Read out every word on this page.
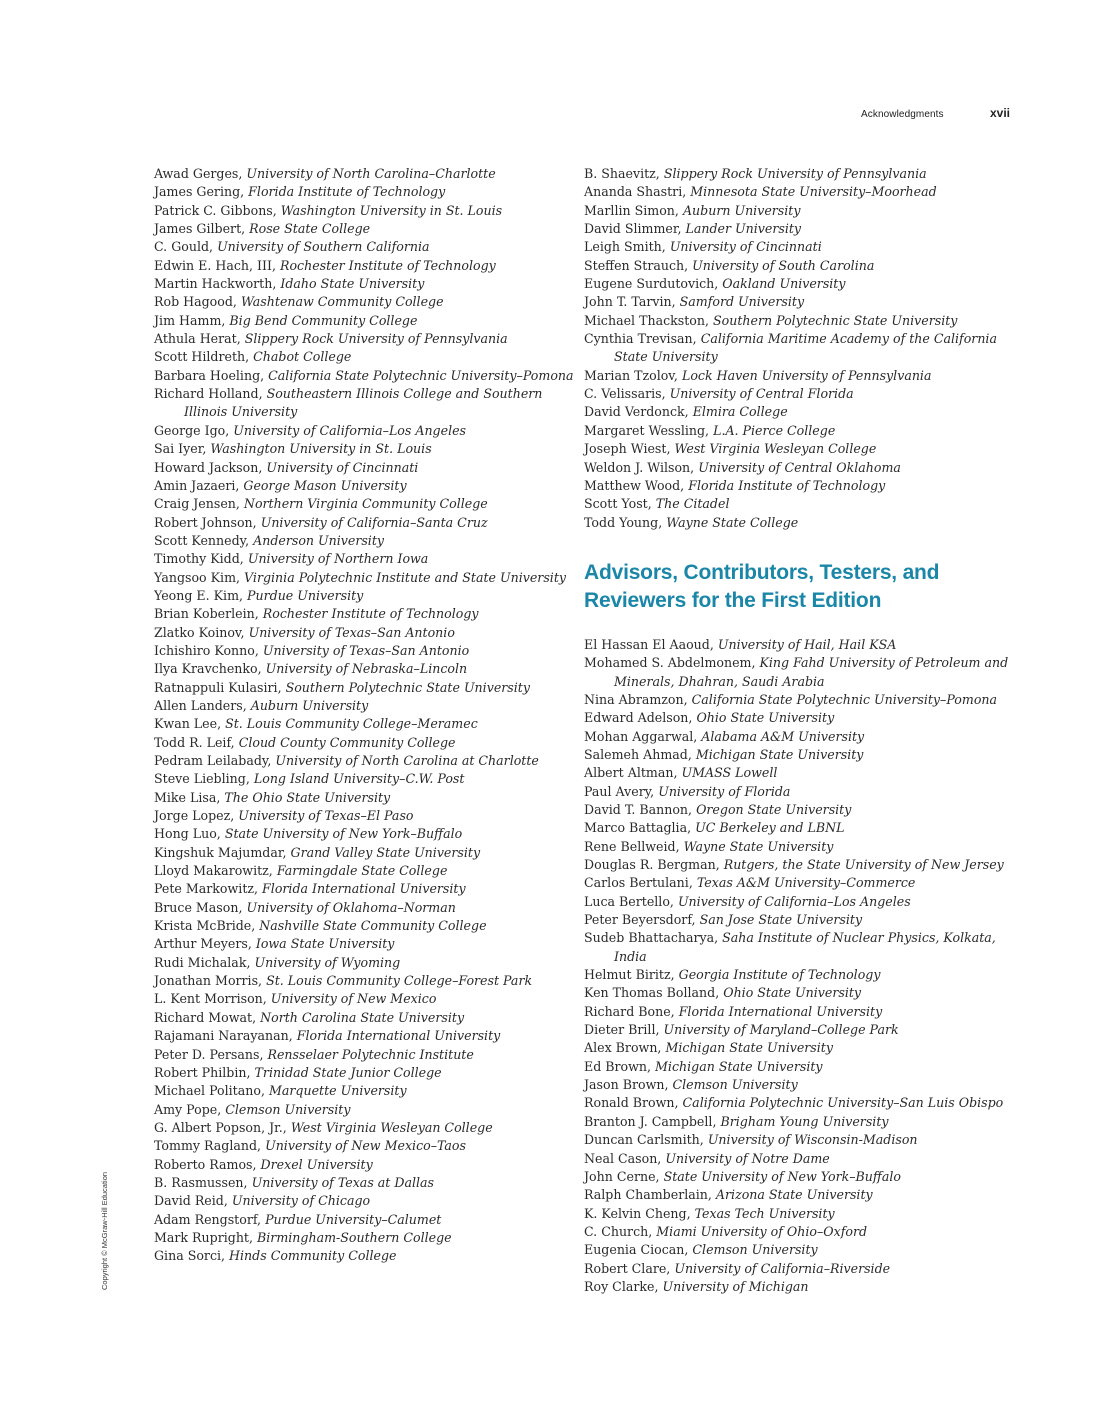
Acknowledgments	xvii
Awad Gerges, University of North Carolina–Charlotte
James Gering, Florida Institute of Technology
Patrick C. Gibbons, Washington University in St. Louis
James Gilbert, Rose State College
C. Gould, University of Southern California
Edwin E. Hach, III, Rochester Institute of Technology
Martin Hackworth, Idaho State University
Rob Hagood, Washtenaw Community College
Jim Hamm, Big Bend Community College
Athula Herat, Slippery Rock University of Pennsylvania
Scott Hildreth, Chabot College
Barbara Hoeling, California State Polytechnic University–Pomona
Richard Holland, Southeastern Illinois College and Southern Illinois University
George Igo, University of California–Los Angeles
Sai Iyer, Washington University in St. Louis
Howard Jackson, University of Cincinnati
Amin Jazaeri, George Mason University
Craig Jensen, Northern Virginia Community College
Robert Johnson, University of California–Santa Cruz
Scott Kennedy, Anderson University
Timothy Kidd, University of Northern Iowa
Yangsoo Kim, Virginia Polytechnic Institute and State University
Yeong E. Kim, Purdue University
Brian Koberlein, Rochester Institute of Technology
Zlatko Koinov, University of Texas–San Antonio
Ichishiro Konno, University of Texas–San Antonio
Ilya Kravchenko, University of Nebraska–Lincoln
Ratnappuli Kulasiri, Southern Polytechnic State University
Allen Landers, Auburn University
Kwan Lee, St. Louis Community College–Meramec
Todd R. Leif, Cloud County Community College
Pedram Leilabady, University of North Carolina at Charlotte
Steve Liebling, Long Island University–C.W. Post
Mike Lisa, The Ohio State University
Jorge Lopez, University of Texas–El Paso
Hong Luo, State University of New York–Buffalo
Kingshuk Majumdar, Grand Valley State University
Lloyd Makarowitz, Farmingdale State College
Pete Markowitz, Florida International University
Bruce Mason, University of Oklahoma–Norman
Krista McBride, Nashville State Community College
Arthur Meyers, Iowa State University
Rudi Michalak, University of Wyoming
Jonathan Morris, St. Louis Community College–Forest Park
L. Kent Morrison, University of New Mexico
Richard Mowat, North Carolina State University
Rajamani Narayanan, Florida International University
Peter D. Persans, Rensselaer Polytechnic Institute
Robert Philbin, Trinidad State Junior College
Michael Politano, Marquette University
Amy Pope, Clemson University
G. Albert Popson, Jr., West Virginia Wesleyan College
Tommy Ragland, University of New Mexico–Taos
Roberto Ramos, Drexel University
B. Rasmussen, University of Texas at Dallas
David Reid, University of Chicago
Adam Rengstorf, Purdue University–Calumet
Mark Rupright, Birmingham-Southern College
Gina Sorci, Hinds Community College
B. Shaevitz, Slippery Rock University of Pennsylvania
Ananda Shastri, Minnesota State University–Moorhead
Marllin Simon, Auburn University
David Slimmer, Lander University
Leigh Smith, University of Cincinnati
Steffen Strauch, University of South Carolina
Eugene Surdutovich, Oakland University
John T. Tarvin, Samford University
Michael Thackston, Southern Polytechnic State University
Cynthia Trevisan, California Maritime Academy of the California State University
Marian Tzolov, Lock Haven University of Pennsylvania
C. Velissaris, University of Central Florida
David Verdonck, Elmira College
Margaret Wessling, L.A. Pierce College
Joseph Wiest, West Virginia Wesleyan College
Weldon J. Wilson, University of Central Oklahoma
Matthew Wood, Florida Institute of Technology
Scott Yost, The Citadel
Todd Young, Wayne State College
Advisors, Contributors, Testers, and Reviewers for the First Edition
El Hassan El Aaoud, University of Hail, Hail KSA
Mohamed S. Abdelmonem, King Fahd University of Petroleum and Minerals, Dhahran, Saudi Arabia
Nina Abramzon, California State Polytechnic University–Pomona
Edward Adelson, Ohio State University
Mohan Aggarwal, Alabama A&M University
Salemeh Ahmad, Michigan State University
Albert Altman, UMASS Lowell
Paul Avery, University of Florida
David T. Bannon, Oregon State University
Marco Battaglia, UC Berkeley and LBNL
Rene Bellweid, Wayne State University
Douglas R. Bergman, Rutgers, the State University of New Jersey
Carlos Bertulani, Texas A&M University–Commerce
Luca Bertello, University of California–Los Angeles
Peter Beyersdorf, San Jose State University
Sudeb Bhattacharya, Saha Institute of Nuclear Physics, Kolkata, India
Helmut Biritz, Georgia Institute of Technology
Ken Thomas Bolland, Ohio State University
Richard Bone, Florida International University
Dieter Brill, University of Maryland–College Park
Alex Brown, Michigan State University
Ed Brown, Michigan State University
Jason Brown, Clemson University
Ronald Brown, California Polytechnic University–San Luis Obispo
Branton J. Campbell, Brigham Young University
Duncan Carlsmith, University of Wisconsin-Madison
Neal Cason, University of Notre Dame
John Cerne, State University of New York–Buffalo
Ralph Chamberlain, Arizona State University
K. Kelvin Cheng, Texas Tech University
C. Church, Miami University of Ohio–Oxford
Eugenia Ciocan, Clemson University
Robert Clare, University of California–Riverside
Roy Clarke, University of Michigan
Copyright © McGraw-Hill Education
